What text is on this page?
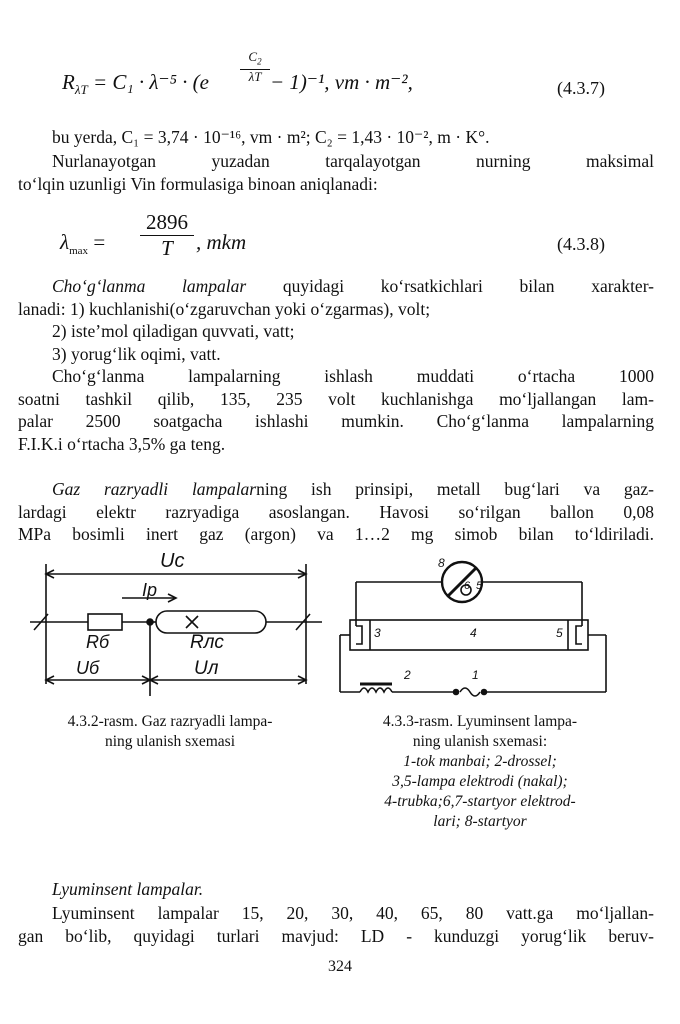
$R_{\lambda T} = C_1 \cdot \lambda^{-5} \cdot (e$
$C_2$
λT − 1)⁻¹, vm · m⁻²,	(4.3.7)
bu yerda, C₁ = 3,74 · 10⁻¹⁶, vm · m²; C₂ = 1,43 · 10⁻², m · K°.
Nurlanayotgan yuzadan tarqalayotgan nurning maksimal
to‘lqin uzunligi Vin formulasiga binoan aniqlanadi:
$\lambda_{max} = \frac{2896}{T}$ , mkm	(4.3.8)
Cho‘g‘lanma lampalar quyidagi ko‘rsatkichlari bilan xarakter-
lanadi: 1) kuchlanishi(o‘zgaruvchan yoki o‘zgarmas), volt;
2) iste’mol qiladigan quvvati, vatt;
3) yorug‘lik oqimi, vatt.
Cho‘g‘lanma lampalarning ishlash muddati o‘rtacha 1000
soatni tashkil qilib, 135, 235 volt kuchlanishga mo‘ljallangan lam-
palar 2500 soatgacha ishlashi mumkin. Cho‘g‘lanma lampalarning
F.I.K.i o‘rtacha 3,5% ga teng.
Gaz razryadli lampalarning ish prinsipi, metall bug‘lari va gaz-
lardagi elektr razryadiga asoslangan. Havosi so‘rilgan ballon 0,08
MPa bosimli inert gaz (argon) va 1…2 mg simob bilan to‘ldiriladi.
Uc
Ip
Rб	Rлс
Uб	Uл
4.3.2-rasm. Gaz razryadli lampa-
ning ulanish sxemasi
8
6 5
3	4	5
2	1
4.3.3-rasm. Lyuminsent lampa-
ning ulanish sxemasi:
1-tok manbai; 2-drossel;
3,5-lampa elektrodi (nakal);
4-trubka;6,7-startyor elektrod-
lari; 8-startyor
Lyuminsent lampalar.
Lyuminsent lampalar 15, 20, 30, 40, 65, 80 vatt.ga mo‘ljallan-
gan bo‘lib, quyidagi turlari mavjud: LD - kunduzgi yorug‘lik beruv-
324
